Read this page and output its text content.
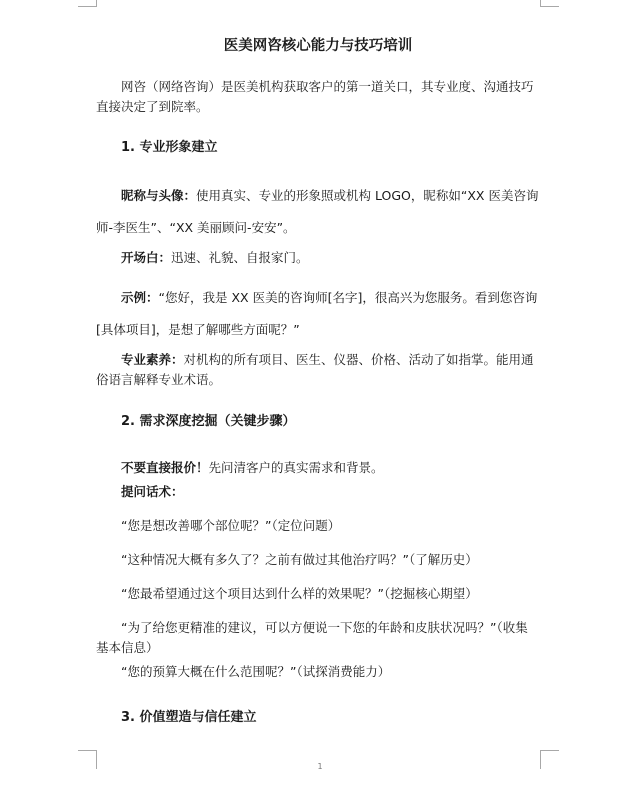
医美网咨核心能力与技巧培训

网咨（网络咨询）是医美机构获取客户的第一道关口，其专业度、沟通技巧直接决定了到院率。

1. 专业形象建立

昵称与头像：使用真实、专业的形象照或机构 LOGO，昵称如“XX 医美咨询师-李医生”、“XX 美丽顾问-安安”。

开场白：迅速、礼貌、自报家门。

示例：“您好，我是 XX 医美的咨询师[名字]，很高兴为您服务。看到您咨询[具体项目]，是想了解哪些方面呢？”

专业素养：对机构的所有项目、医生、仪器、价格、活动了如指掌。能用通俗语言解释专业术语。

2. 需求深度挖掘（关键步骤）

不要直接报价！先问清客户的真实需求和背景。

提问话术：

“您是想改善哪个部位呢？”（定位问题）

“这种情况大概有多久了？之前有做过其他治疗吗？”（了解历史）

“您最希望通过这个项目达到什么样的效果呢？”（挖掘核心期望）

“为了给您更精准的建议，可以方便说一下您的年龄和皮肤状况吗？”（收集基本信息）

“您的预算大概在什么范围呢？”（试探消费能力）

3. 价值塑造与信任建立

1
